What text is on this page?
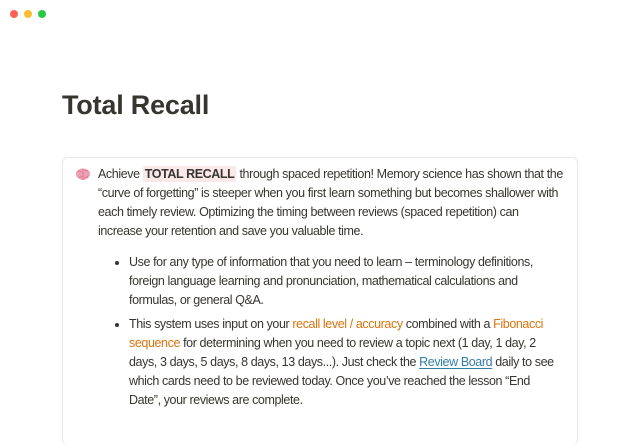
Total Recall

Achieve TOTAL RECALL through spaced repetition! Memory science has shown that the “curve of forgetting” is steeper when you first learn something but becomes shallower with each timely review. Optimizing the timing between reviews (spaced repetition) can increase your retention and save you valuable time.

• Use for any type of information that you need to learn – terminology definitions, foreign language learning and pronunciation, mathematical calculations and formulas, or general Q&A.
• This system uses input on your recall level / accuracy combined with a Fibonacci sequence for determining when you need to review a topic next (1 day, 1 day, 2 days, 3 days, 5 days, 8 days, 13 days...). Just check the Review Board daily to see which cards need to be reviewed today. Once you’ve reached the lesson “End Date”, your reviews are complete.
